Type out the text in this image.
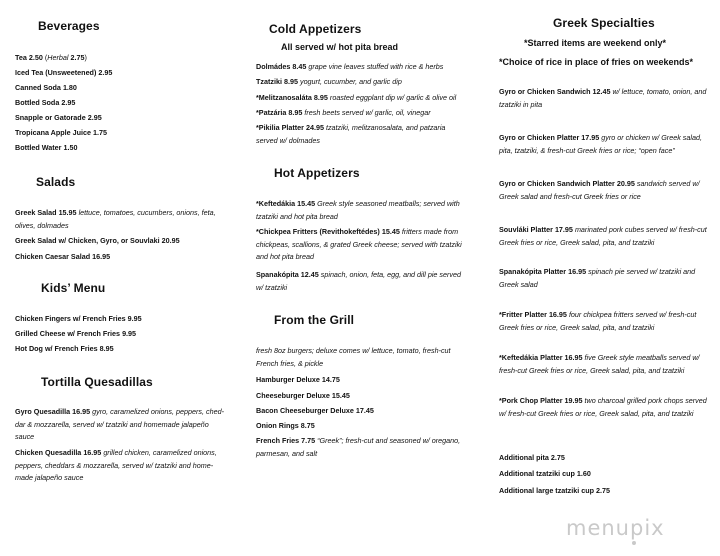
Beverages
Tea 2.50 (Herbal 2.75)
Iced Tea (Unsweetened) 2.95
Canned Soda 1.80
Bottled Soda 2.95
Snapple or Gatorade 2.95
Tropicana Apple Juice 1.75
Bottled Water 1.50
Salads
Greek Salad 15.95 lettuce, tomatoes, cucumbers, onions, feta, olives, dolmades
Greek Salad w/ Chicken, Gyro, or Souvlaki 20.95
Chicken Caesar Salad 16.95
Kids’ Menu
Chicken Fingers w/ French Fries 9.95
Grilled Cheese w/ French Fries 9.95
Hot Dog w/ French Fries 8.95
Tortilla Quesadillas
Gyro Quesadilla 16.95 gyro, caramelized onions, peppers, ched-dar & mozzarella, served w/ tzatziki and homemade jalapeño sauce
Chicken Quesadilla 16.95 grilled chicken, caramelized onions, peppers, cheddars & mozzarella, served w/ tzatziki and home-made jalapeño sauce
Cold Appetizers
All served w/ hot pita bread
Dolmádes 8.45 grape vine leaves stuffed with rice & herbs
Tzatziki 8.95 yogurt, cucumber, and garlic dip
*Melitzanosaláta 8.95 roasted eggplant dip w/ garlic & olive oil
*Patzária 8.95 fresh beets served w/ garlic, oil, vinegar
*Pikilia Platter 24.95 tzatziki, melitzanosalata, and patzaria served w/ dolmades
Hot Appetizers
*Keftedákia 15.45 Greek style seasoned meatballs; served with tzatziki and hot pita bread
*Chickpea Fritters (Revithokeftédes) 15.45 fritters made from chickpeas, scallions, & grated Greek cheese; served with tzatziki and hot pita bread
Spanakópita 12.45 spinach, onion, feta, egg, and dill pie served w/ tzatziki
From the Grill
fresh 8oz burgers; deluxe comes w/ lettuce, tomato, fresh-cut French fries, & pickle
Hamburger Deluxe 14.75
Cheeseburger Deluxe 15.45
Bacon Cheeseburger Deluxe 17.45
Onion Rings 8.75
French Fries 7.75 “Greek”; fresh-cut and seasoned w/ oregano, parmesan, and salt
Greek Specialties
*Starred items are weekend only*
*Choice of rice in place of fries on weekends*
Gyro or Chicken Sandwich 12.45 w/ lettuce, tomato, onion, and tzatziki in pita
Gyro or Chicken Platter 17.95 gyro or chicken w/ Greek salad, pita, tzatziki, & fresh-cut Greek fries or rice; “open face”
Gyro or Chicken Sandwich Platter 20.95 sandwich served w/ Greek salad and fresh-cut Greek fries or rice
Souvláki Platter 17.95 marinated pork cubes served w/ fresh-cut Greek fries or rice, Greek salad, pita, and tzatziki
Spanakópita Platter 16.95 spinach pie served w/ tzatziki and Greek salad
*Fritter Platter 16.95 four chickpea fritters served w/ fresh-cut Greek fries or rice, Greek salad, pita, and tzatziki
*Keftedákia Platter 16.95 five Greek style meatballs served w/ fresh-cut Greek fries or rice, Greek salad, pita, and tzatziki
*Pork Chop Platter 19.95 two charcoal grilled pork chops served w/ fresh-cut Greek fries or rice, Greek salad, pita, and tzatziki
Additional pita 2.75
Additional tzatziki cup 1.60
Additional large tzatziki cup 2.75
menupix
